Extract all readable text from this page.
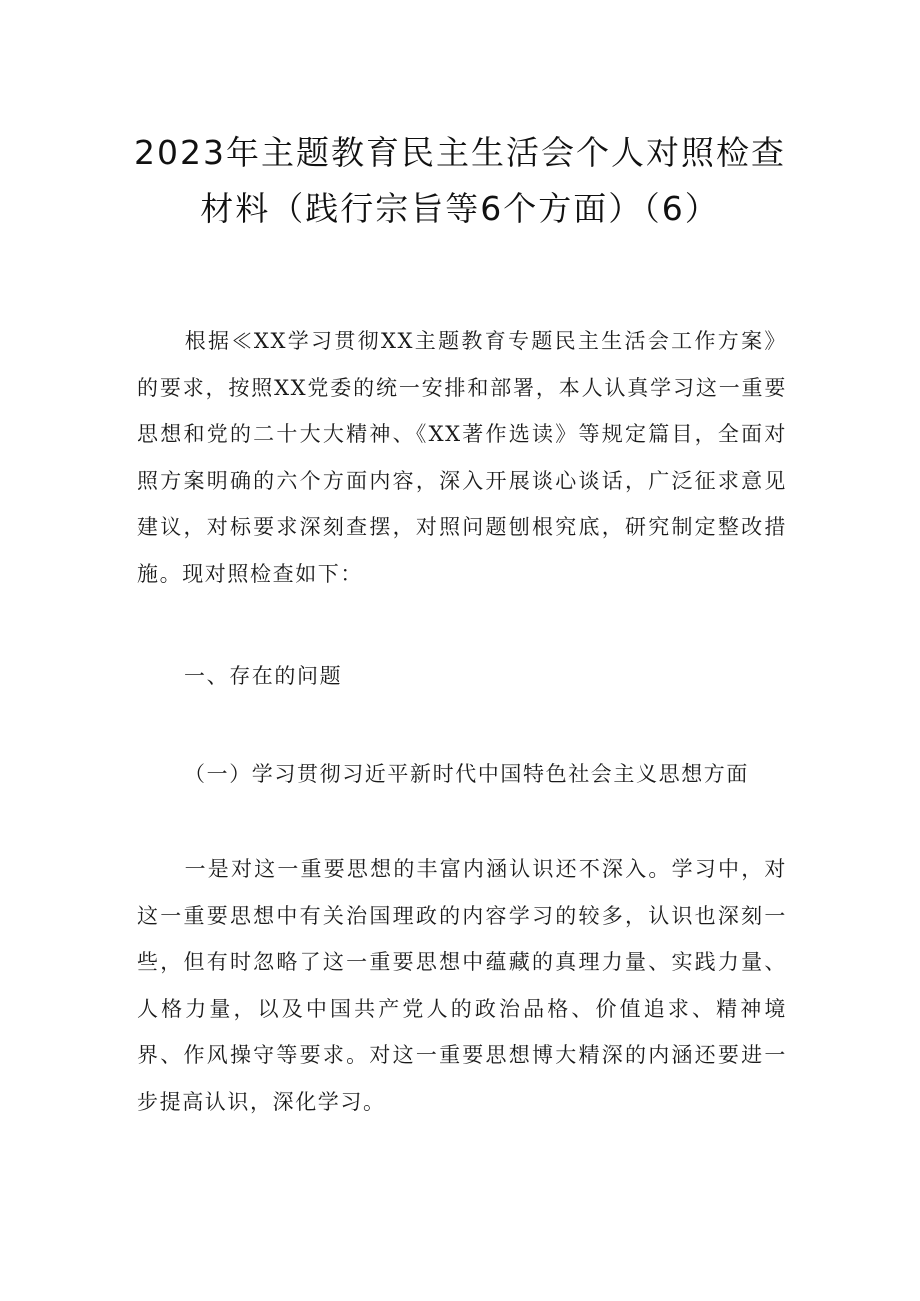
2023年主题教育民主生活会个人对照检查
材料（践行宗旨等6个方面）（6）

根据≪XX学习贯彻XX主题教育专题民主生活会工作方案》的要求，按照XX党委的统一安排和部署，本人认真学习这一重要思想和党的二十大大精神、《XX著作选读》等规定篇目，全面对照方案明确的六个方面内容，深入开展谈心谈话，广泛征求意见建议，对标要求深刻查摆，对照问题刨根究底，研究制定整改措施。现对照检查如下：

一、存在的问题

（一）学习贯彻习近平新时代中国特色社会主义思想方面

一是对这一重要思想的丰富内涵认识还不深入。学习中，对这一重要思想中有关治国理政的内容学习的较多，认识也深刻一些，但有时忽略了这一重要思想中蕴藏的真理力量、实践力量、人格力量，以及中国共产党人的政治品格、价值追求、精神境界、作风操守等要求。对这一重要思想博大精深的内涵还要进一步提高认识，深化学习。
